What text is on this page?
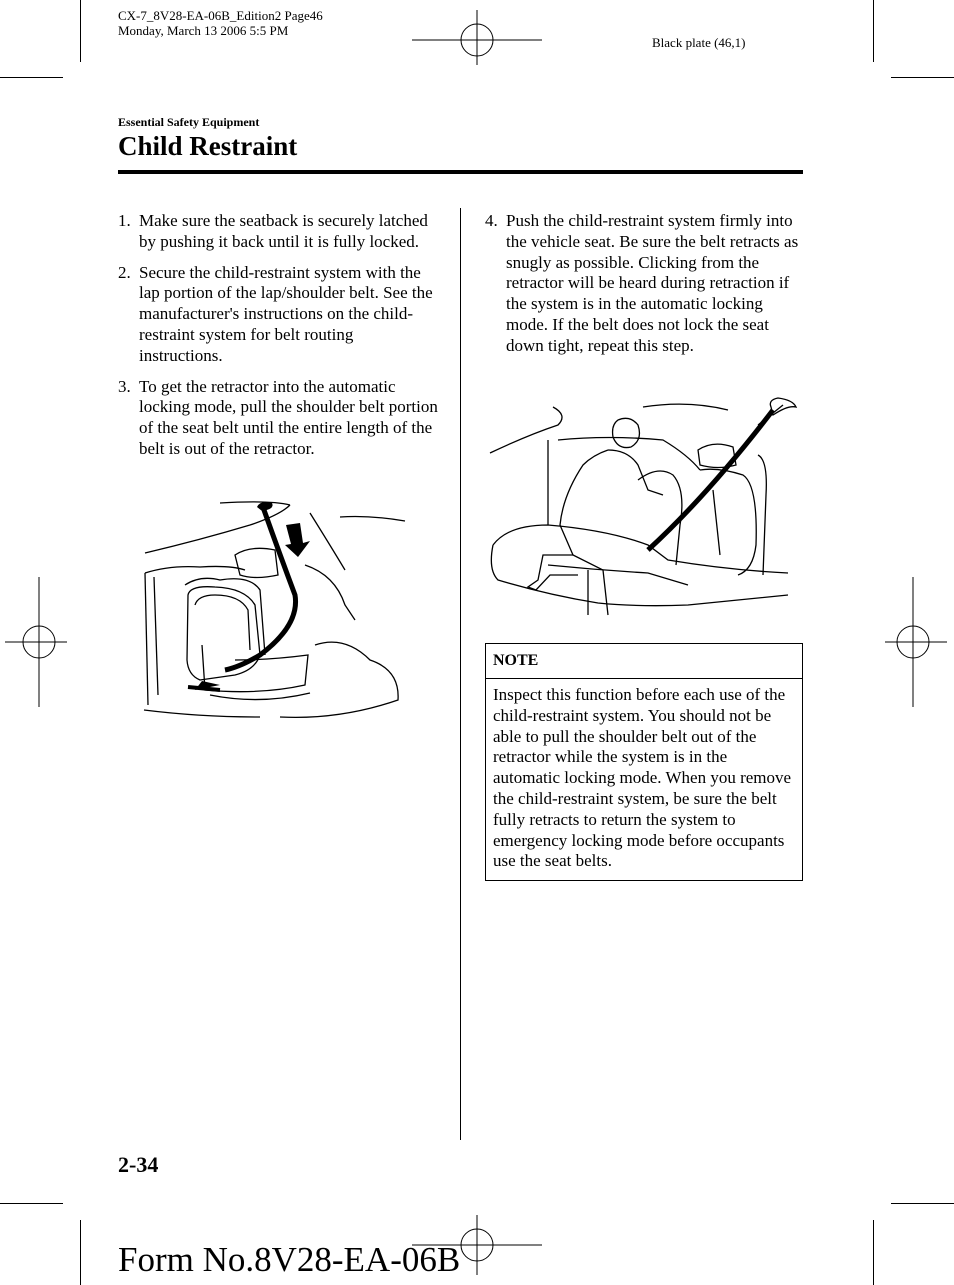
CX-7_8V28-EA-06B_Edition2 Page46
Monday, March 13 2006 5:5 PM
Black plate (46,1)
Essential Safety Equipment
Child Restraint
1. Make sure the seatback is securely latched by pushing it back until it is fully locked.
2. Secure the child-restraint system with the lap portion of the lap/shoulder belt. See the manufacturer's instructions on the child-restraint system for belt routing instructions.
3. To get the retractor into the automatic locking mode, pull the shoulder belt portion of the seat belt until the entire length of the belt is out of the retractor.
4. Push the child-restraint system firmly into the vehicle seat. Be sure the belt retracts as snugly as possible. Clicking from the retractor will be heard during retraction if the system is in the automatic locking mode. If the belt does not lock the seat down tight, repeat this step.
NOTE
Inspect this function before each use of the child-restraint system. You should not be able to pull the shoulder belt out of the retractor while the system is in the automatic locking mode. When you remove the child-restraint system, be sure the belt fully retracts to return the system to emergency locking mode before occupants use the seat belts.
2-34
Form No.8V28-EA-06B
